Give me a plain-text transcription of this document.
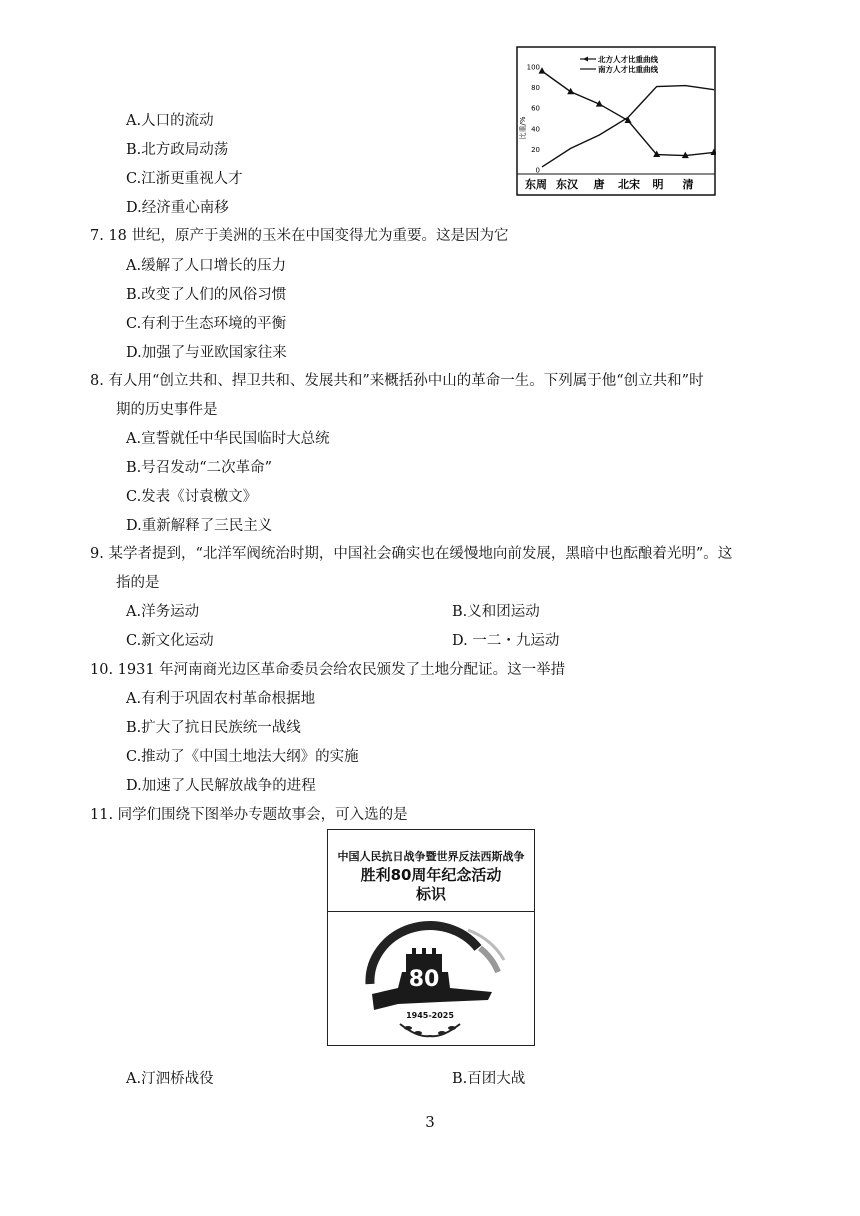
北方人才比重曲线
南方人才比重曲线
比重/%
0
20
40
60
80
100
东周 东汉 唐 北宋 明 清
A.人口的流动
B.北方政局动荡
C.江浙更重视人才
D.经济重心南移
7. 18 世纪，原产于美洲的玉米在中国变得尤为重要。这是因为它
A.缓解了人口增长的压力
B.改变了人们的风俗习惯
C.有利于生态环境的平衡
D.加强了与亚欧国家往来
8. 有人用“创立共和、捍卫共和、发展共和”来概括孙中山的革命一生。下列属于他“创立共和”时
期的历史事件是
A.宣誓就任中华民国临时大总统
B.号召发动“二次革命”
C.发表《讨袁檄文》
D.重新解释了三民主义
9. 某学者提到，“北洋军阀统治时期，中国社会确实也在缓慢地向前发展，黑暗中也酝酿着光明”。这
指的是
A.洋务运动	B.义和团运动
C.新文化运动	D. 一二・九运动
10. 1931 年河南商光边区革命委员会给农民颁发了土地分配证。这一举措
A.有利于巩固农村革命根据地
B.扩大了抗日民族统一战线
C.推动了《中国土地法大纲》的实施
D.加速了人民解放战争的进程
11. 同学们围绕下图举办专题故事会，可入选的是
中国人民抗日战争暨世界反法西斯战争
胜利80周年纪念活动
标识
80
1945-2025
A.汀泗桥战役	B.百团大战
3
